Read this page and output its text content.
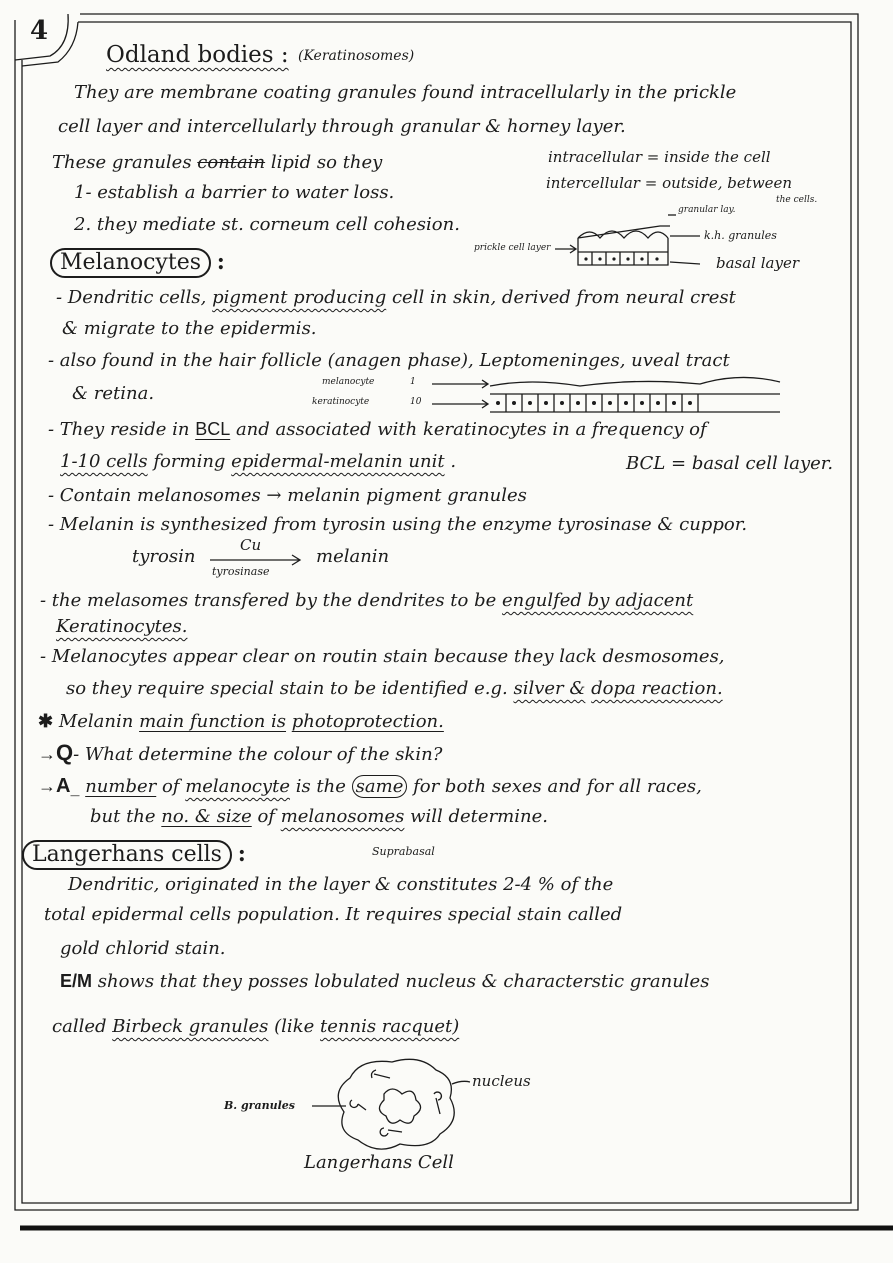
4
Odland bodies : (Keratinosomes)
They are membrane coating granules found intracellularly in the prickle
cell layer and intercellularly through granular & horney layer.
These granules contain lipid so they
1- establish a barrier to water loss.
2. they mediate st. corneum cell cohesion.
intracellular = inside the cell
intercellular = outside, between
the cells.
granular lay.
k.h. granules
prickle cell layer
basal layer
Melanocytes :
- Dendritic cells, pigment producing cell in skin, derived from neural crest
& migrate to the epidermis.
- also found in the hair follicle (anagen phase), Leptomeninges, uveal tract
& retina.
melanocyte
keratinocyte
1
10
- They reside in BCL and associated with keratinocytes in a frequency of
1-10 cells forming epidermal-melanin unit .	BCL = basal cell layer.
- Contain melanosomes → melanin pigment granules
- Melanin is synthesized from tyrosin using the enzyme tyrosinase & cuppor.
tyrosin
Cu
tyrosinase
melanin
- the melasomes transfered by the dendrites to be engulfed by adjacent
Keratinocytes.
- Melanocytes appear clear on routin stain because they lack desmosomes,
so they require special stain to be identified e.g. silver & dopa reaction.
✱ Melanin main function is photoprotection.
→Q- What determine the colour of the skin?
→A_ number of melanocyte is the same for both sexes and for all races,
but the no. & size of melanosomes will determine.
Langerhans cells :	Suprabasal
Dendritic, originated in the layer & constitutes 2-4 % of the
total epidermal cells population. It requires special stain called
gold chlorid stain.
E/M shows that they posses lobulated nucleus & characterstic granules
called Birbeck granules (like tennis racquet)
B. granules
nucleus
Langerhans Cell
